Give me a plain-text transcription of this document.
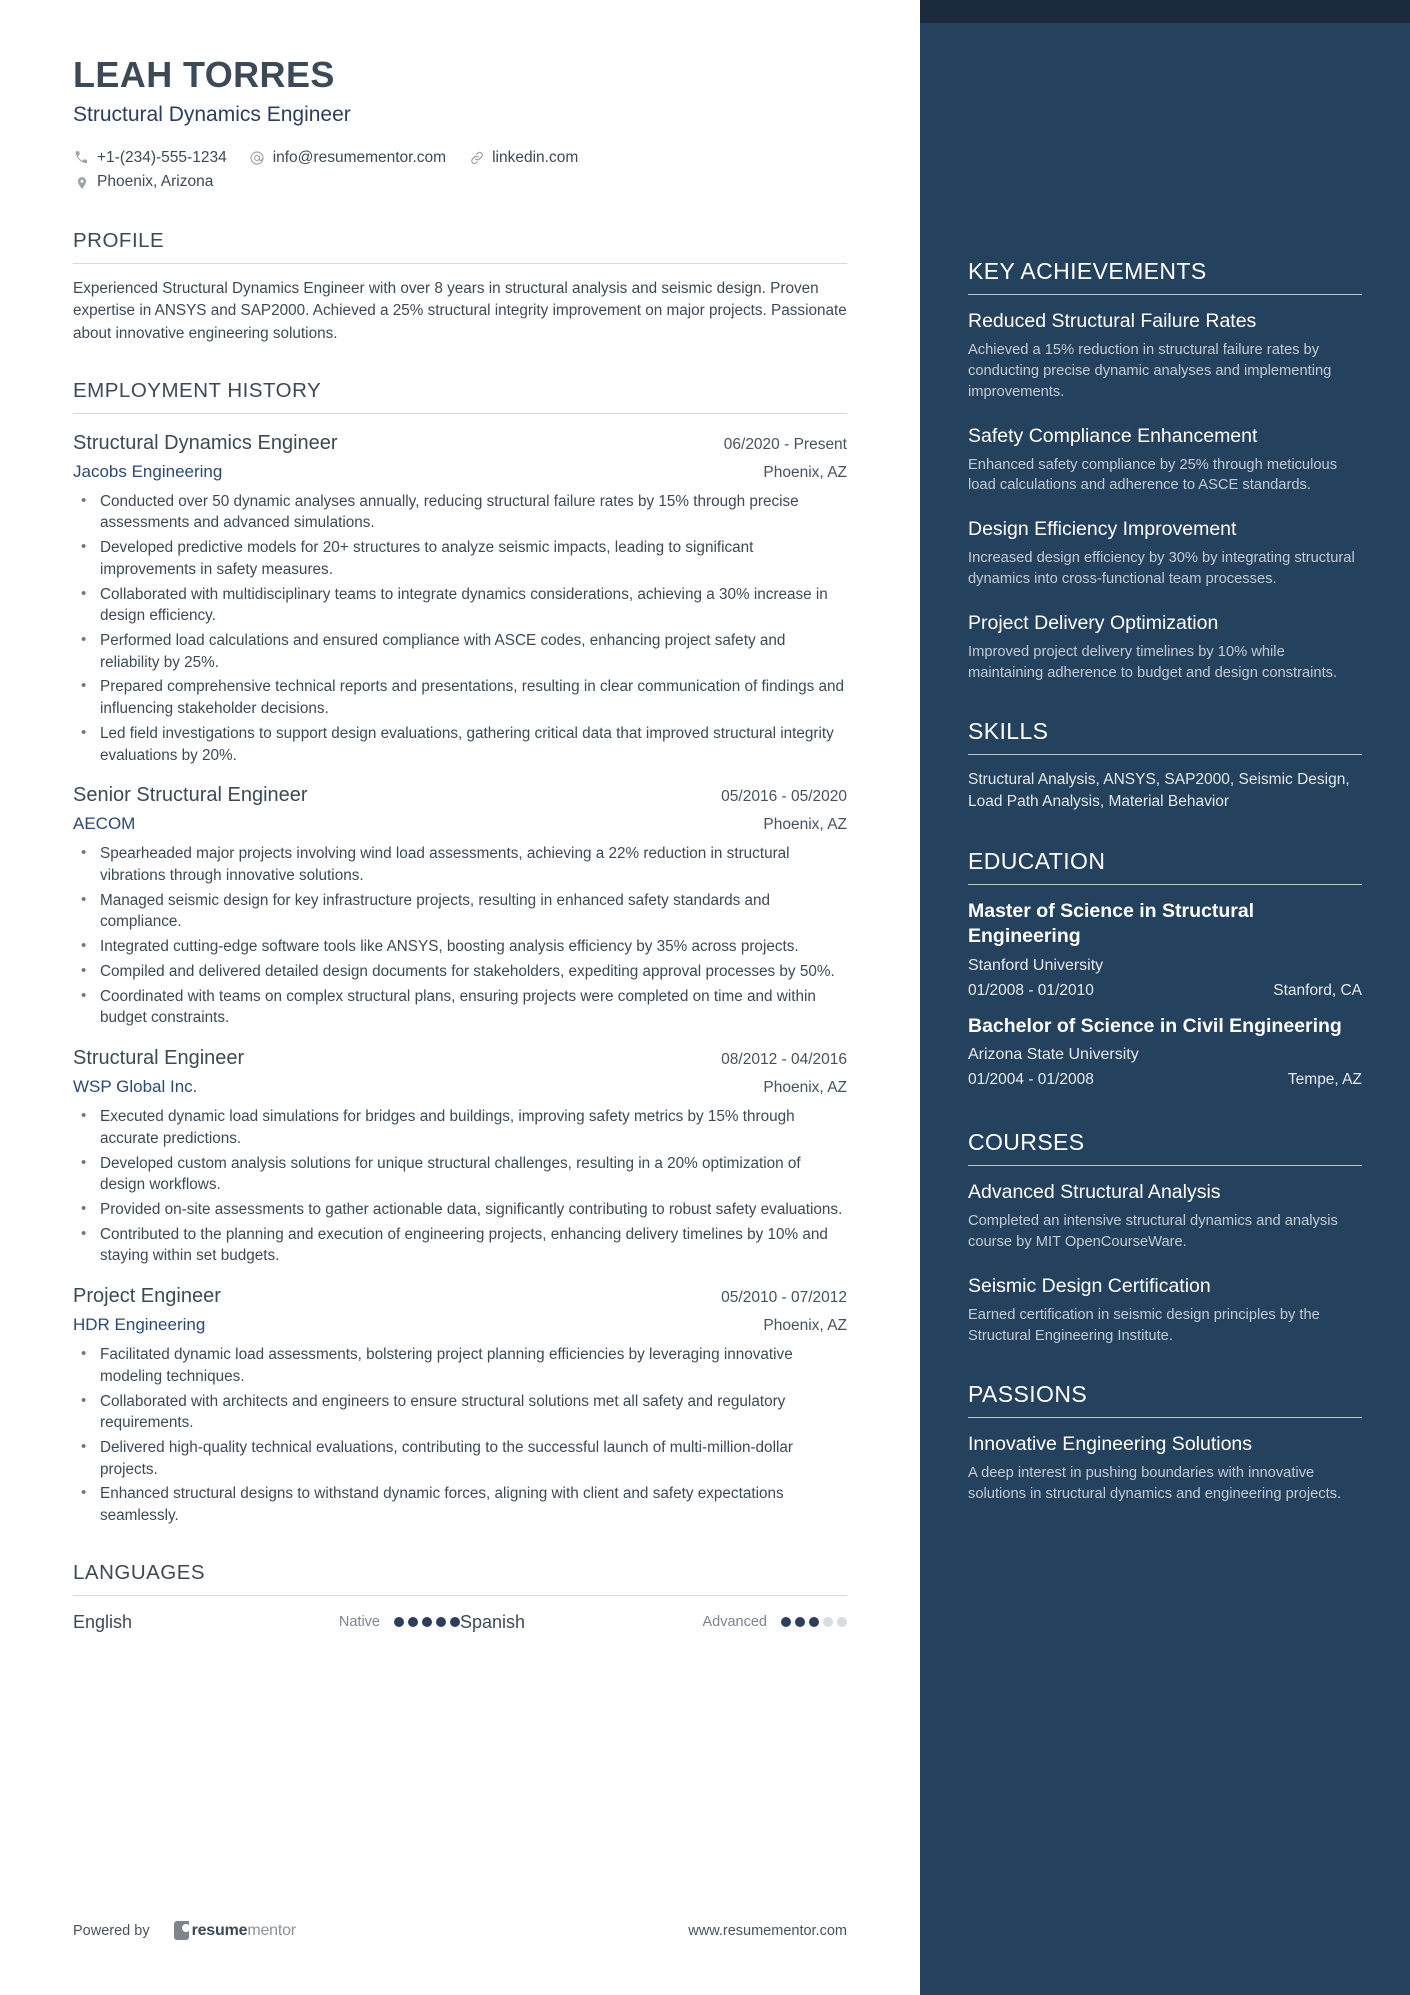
LEAH TORRES
Structural Dynamics Engineer
+1-(234)-555-1234	info@resumementor.com	linkedin.com
Phoenix, Arizona
PROFILE

Experienced Structural Dynamics Engineer with over 8 years in structural analysis and seismic design. Proven expertise in ANSYS and SAP2000. Achieved a 25% structural integrity improvement on major projects. Passionate about innovative engineering solutions.

EMPLOYMENT HISTORY
Structural Dynamics Engineer	06/2020 - Present
Jacobs Engineering	Phoenix, AZ
• Conducted over 50 dynamic analyses annually, reducing structural failure rates by 15% through precise assessments and advanced simulations.
• Developed predictive models for 20+ structures to analyze seismic impacts, leading to significant improvements in safety measures.
• Collaborated with multidisciplinary teams to integrate dynamics considerations, achieving a 30% increase in design efficiency.
• Performed load calculations and ensured compliance with ASCE codes, enhancing project safety and reliability by 25%.
• Prepared comprehensive technical reports and presentations, resulting in clear communication of findings and influencing stakeholder decisions.
• Led field investigations to support design evaluations, gathering critical data that improved structural integrity evaluations by 20%.
Senior Structural Engineer	05/2016 - 05/2020
AECOM	Phoenix, AZ
• Spearheaded major projects involving wind load assessments, achieving a 22% reduction in structural vibrations through innovative solutions.
• Managed seismic design for key infrastructure projects, resulting in enhanced safety standards and compliance.
• Integrated cutting-edge software tools like ANSYS, boosting analysis efficiency by 35% across projects.
• Compiled and delivered detailed design documents for stakeholders, expediting approval processes by 50%.
• Coordinated with teams on complex structural plans, ensuring projects were completed on time and within budget constraints.
Structural Engineer	08/2012 - 04/2016
WSP Global Inc.	Phoenix, AZ
• Executed dynamic load simulations for bridges and buildings, improving safety metrics by 15% through accurate predictions.
• Developed custom analysis solutions for unique structural challenges, resulting in a 20% optimization of design workflows.
• Provided on-site assessments to gather actionable data, significantly contributing to robust safety evaluations.
• Contributed to the planning and execution of engineering projects, enhancing delivery timelines by 10% and staying within set budgets.
Project Engineer	05/2010 - 07/2012
HDR Engineering	Phoenix, AZ
• Facilitated dynamic load assessments, bolstering project planning efficiencies by leveraging innovative modeling techniques.
• Collaborated with architects and engineers to ensure structural solutions met all safety and regulatory requirements.
• Delivered high-quality technical evaluations, contributing to the successful launch of multi-million-dollar projects.
• Enhanced structural designs to withstand dynamic forces, aligning with client and safety expectations seamlessly.
LANGUAGES
English	Native	Spanish	Advanced
Powered by	resumementor	www.resumementor.com
KEY ACHIEVEMENTS
Reduced Structural Failure Rates
Achieved a 15% reduction in structural failure rates by conducting precise dynamic analyses and implementing improvements.
Safety Compliance Enhancement
Enhanced safety compliance by 25% through meticulous load calculations and adherence to ASCE standards.
Design Efficiency Improvement
Increased design efficiency by 30% by integrating structural dynamics into cross-functional team processes.
Project Delivery Optimization
Improved project delivery timelines by 10% while maintaining adherence to budget and design constraints.
SKILLS
Structural Analysis, ANSYS, SAP2000, Seismic Design, Load Path Analysis, Material Behavior
EDUCATION
Master of Science in Structural Engineering
Stanford University
01/2008 - 01/2010	Stanford, CA
Bachelor of Science in Civil Engineering
Arizona State University
01/2004 - 01/2008	Tempe, AZ
COURSES
Advanced Structural Analysis
Completed an intensive structural dynamics and analysis course by MIT OpenCourseWare.
Seismic Design Certification
Earned certification in seismic design principles by the Structural Engineering Institute.
PASSIONS
Innovative Engineering Solutions
A deep interest in pushing boundaries with innovative solutions in structural dynamics and engineering projects.
